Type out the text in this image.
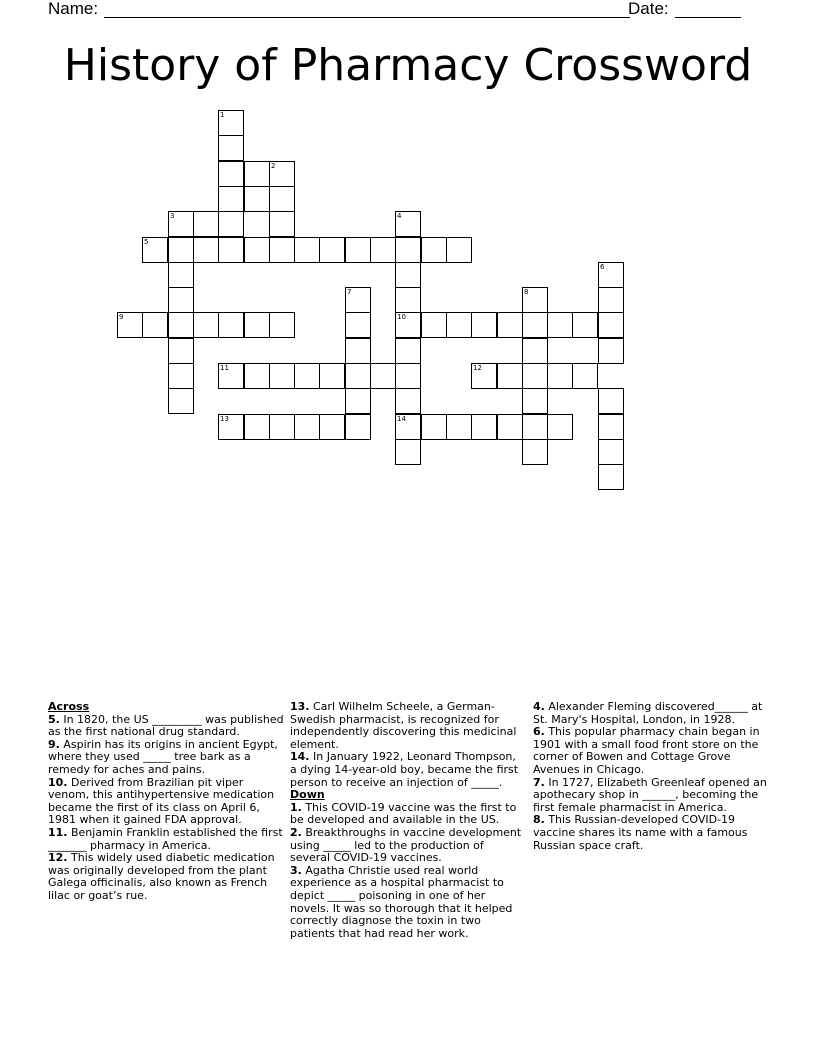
Name:	Date:
History of Pharmacy Crossword
1
2
3	4
5
6
7	8
9	10
11	12
13	14

Across

5. In 1820, the US _________ was published as the first national drug standard.

9. Aspirin has its origins in ancient Egypt, where they used _____ tree bark as a remedy for aches and pains.

10. Derived from Brazilian pit viper venom, this antihypertensive medication became the first of its class on April 6, 1981 when it gained FDA approval.

11. Benjamin Franklin established the first _______ pharmacy in America.

12. This widely used diabetic medication was originally developed from the plant Galega officinalis, also known as French lilac or goat’s rue.

13. Carl Wilhelm Scheele, a German-Swedish pharmacist, is recognized for independently discovering this medicinal element.

14. In January 1922, Leonard Thompson, a dying 14-year-old boy, became the first person to receive an injection of _____.

Down

1. This COVID-19 vaccine was the first to be developed and available in the US.

2. Breakthroughs in vaccine development using _____ led to the production of several COVID-19 vaccines.

3. Agatha Christie used real world experience as a hospital pharmacist to depict _____ poisoning in one of her novels. It was so thorough that it helped correctly diagnose the toxin in two patients that had read her work.

4. Alexander Fleming discovered______ at St. Mary's Hospital, London, in 1928.

6. This popular pharmacy chain began in 1901 with a small food front store on the corner of Bowen and Cottage Grove Avenues in Chicago.

7. In 1727, Elizabeth Greenleaf opened an apothecary shop in ______, becoming the first female pharmacist in America.

8. This Russian-developed COVID-19 vaccine shares its name with a famous Russian space craft.
